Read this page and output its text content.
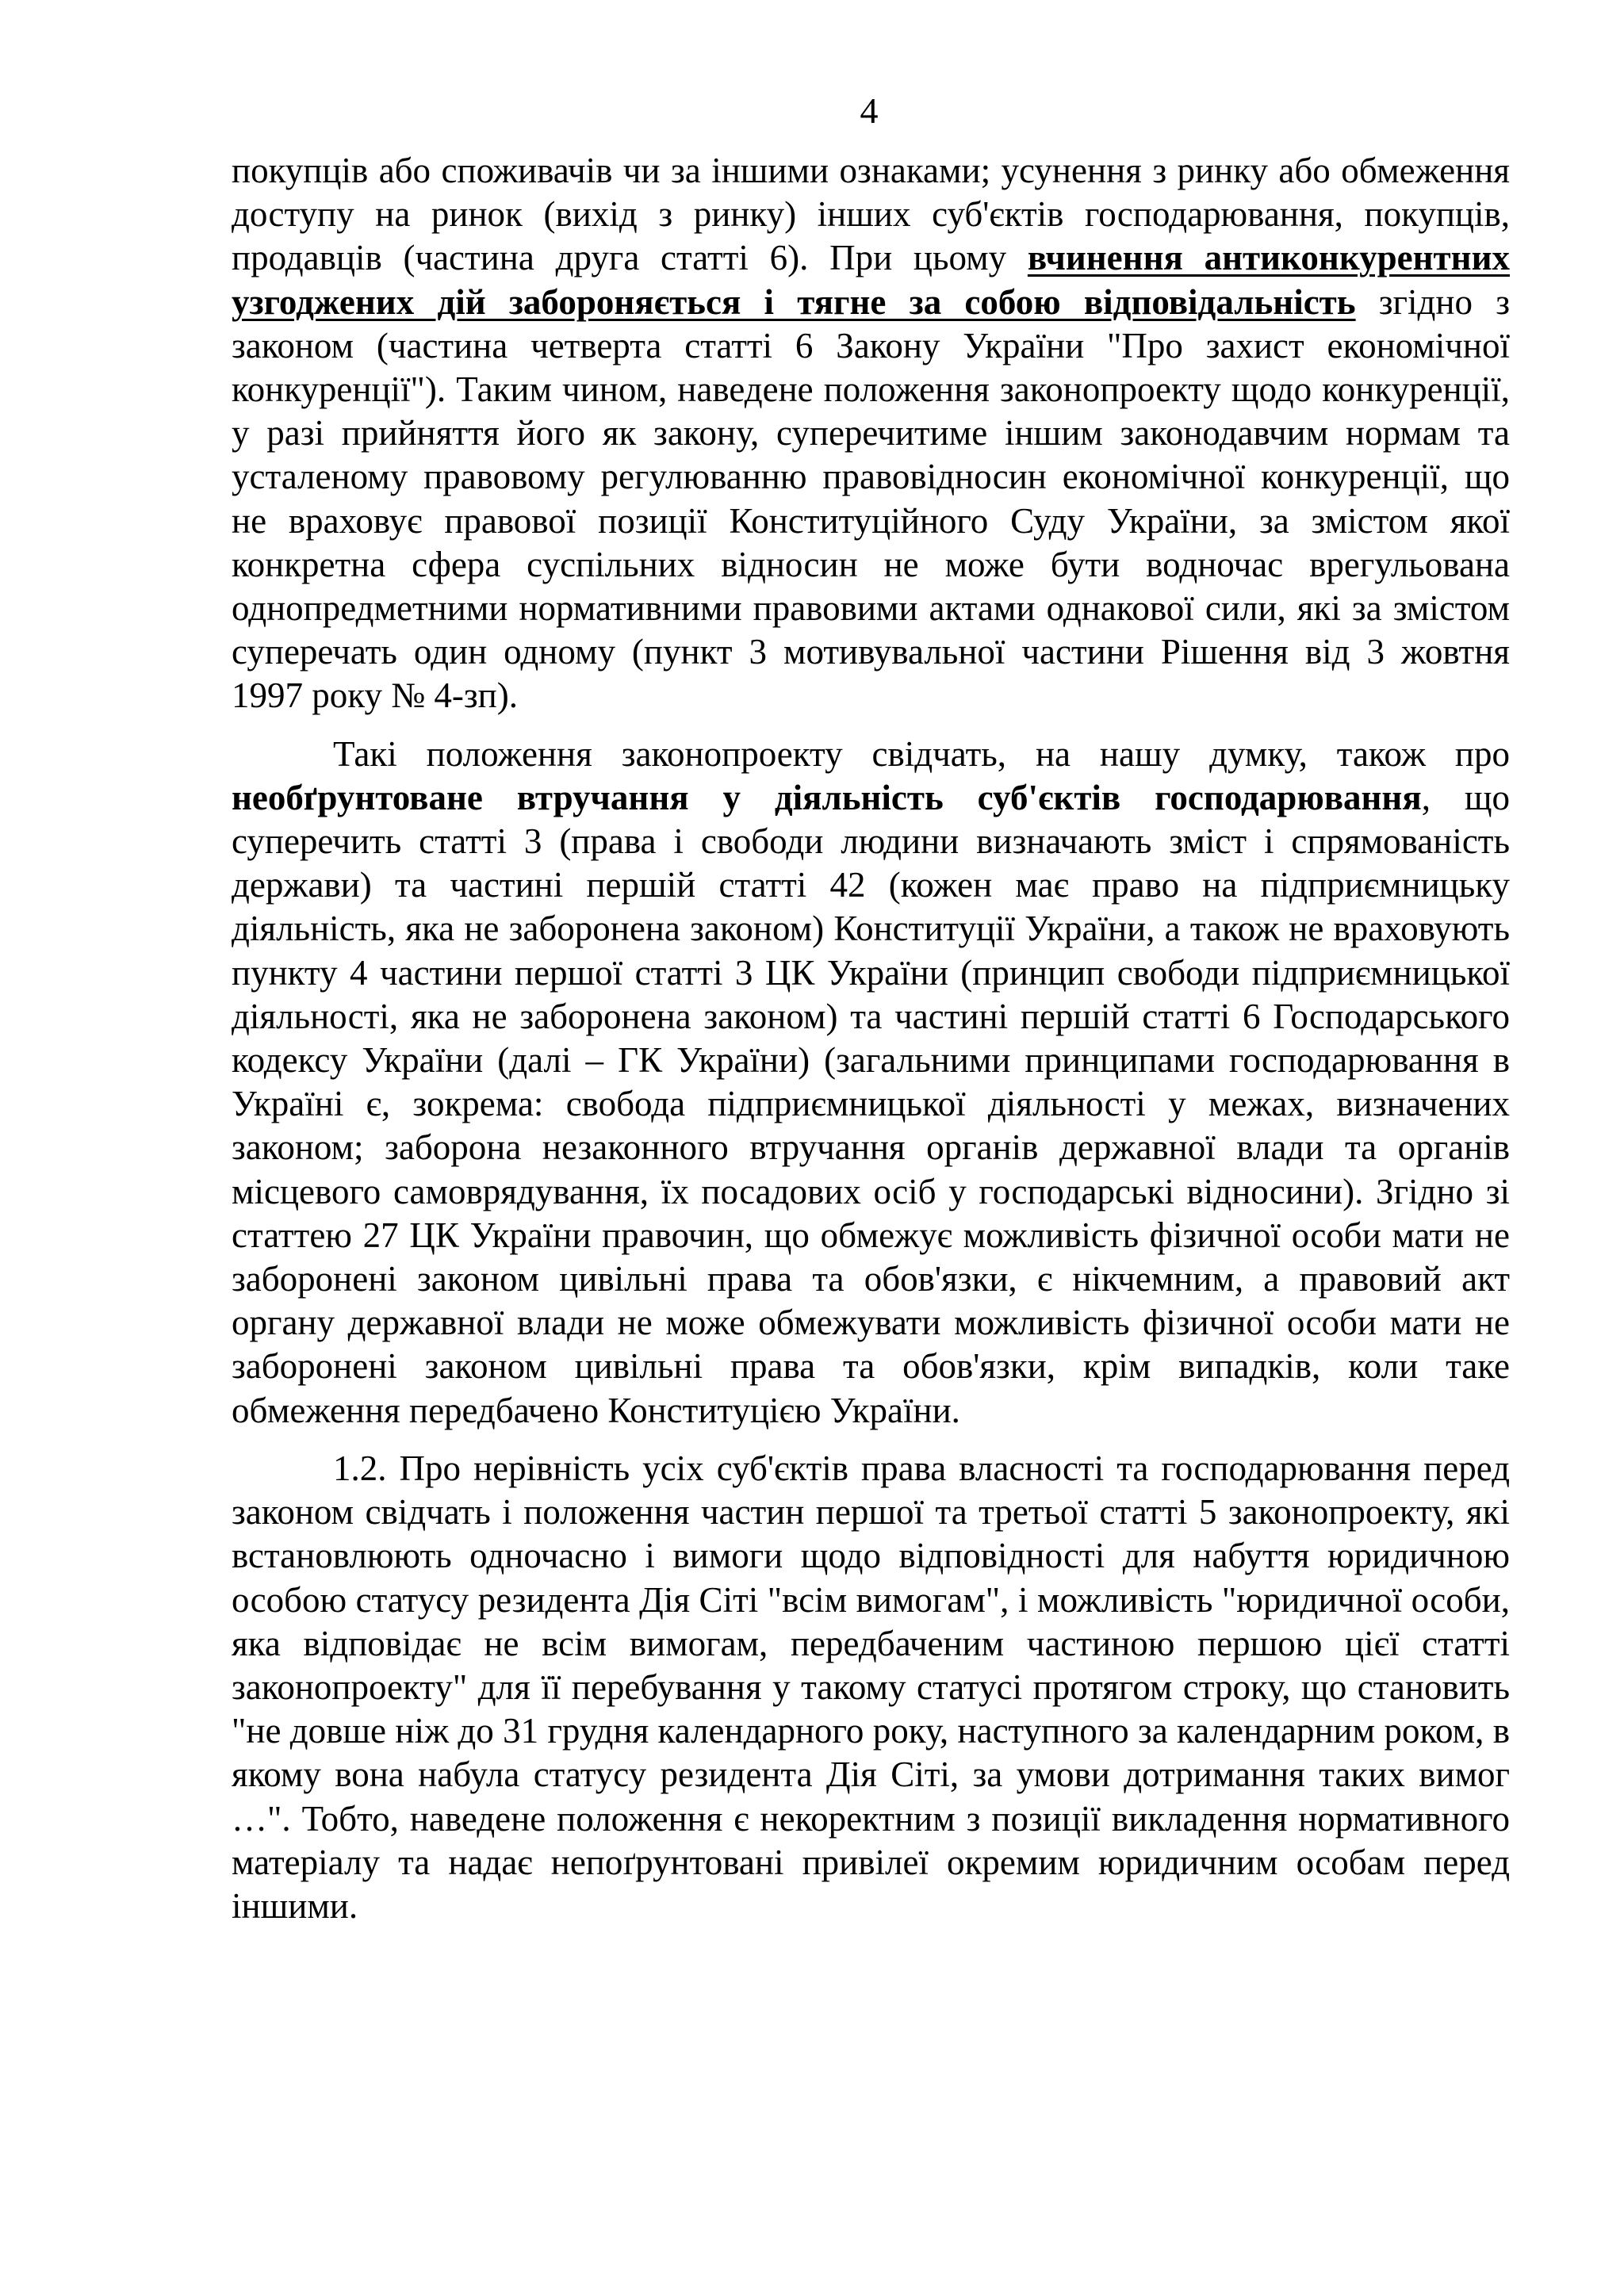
4

покупців або споживачів чи за іншими ознаками; усунення з ринку або обмеження доступу на ринок (вихід з ринку) інших суб'єктів господарювання, покупців, продавців (частина друга статті 6). При цьому вчинення антиконкурентних узгоджених дій забороняється і тягне за собою відповідальність згідно з законом (частина четверта статті 6 Закону України "Про захист економічної конкуренції"). Таким чином, наведене положення законопроекту щодо конкуренції, у разі прийняття його як закону, суперечитиме іншим законодавчим нормам та усталеному правовому регулюванню правовідносин економічної конкуренції, що не враховує правової позиції Конституційного Суду України, за змістом якої конкретна сфера суспільних відносин не може бути водночас врегульована однопредметними нормативними правовими актами однакової сили, які за змістом суперечать один одному (пункт 3 мотивувальної частини Рішення від 3 жовтня 1997 року № 4-зп).

Такі положення законопроекту свідчать, на нашу думку, також про необґрунтоване втручання у діяльність суб'єктів господарювання, що суперечить статті 3 (права і свободи людини визначають зміст і спрямованість держави) та частині першій статті 42 (кожен має право на підприємницьку діяльність, яка не заборонена законом) Конституції України, а також не враховують пункту 4 частини першої статті 3 ЦК України (принцип свободи підприємницької діяльності, яка не заборонена законом) та частині першій статті 6 Господарського кодексу України (далі – ГК України) (загальними принципами господарювання в Україні є, зокрема: свобода підприємницької діяльності у межах, визначених законом; заборона незаконного втручання органів державної влади та органів місцевого самоврядування, їх посадових осіб у господарські відносини). Згідно зі статтею 27 ЦК України правочин, що обмежує можливість фізичної особи мати не заборонені законом цивільні права та обов'язки, є нікчемним, а правовий акт органу державної влади не може обмежувати можливість фізичної особи мати не заборонені законом цивільні права та обов'язки, крім випадків, коли таке обмеження передбачено Конституцією України.

1.2. Про нерівність усіх суб'єктів права власності та господарювання перед законом свідчать і положення частин першої та третьої статті 5 законопроекту, які встановлюють одночасно і вимоги щодо відповідності для набуття юридичною особою статусу резидента Дія Сіті "всім вимогам", і можливість "юридичної особи, яка відповідає не всім вимогам, передбаченим частиною першою цієї статті законопроекту" для її перебування у такому статусі протягом строку, що становить "не довше ніж до 31 грудня календарного року, наступного за календарним роком, в якому вона набула статусу резидента Дія Сіті, за умови дотримання таких вимог …". Тобто, наведене положення є некоректним з позиції викладення нормативного матеріалу та надає непоґрунтовані привілеї окремим юридичним особам перед іншими.
